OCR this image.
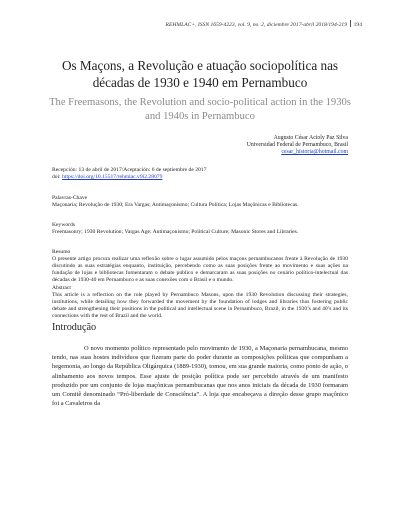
REHMLAC+, ISSN 1659-4223, vol. 9, no. 2, diciembre 2017-abril 2018/194-219 194
Os Maçons, a Revolução e atuação sociopolítica nas décadas de 1930 e 1940 em Pernambuco
The Freemasons, the Revolution and socio-political action in the 1930s and 1940s in Pernambuco
Augusto César Acioly Paz Silva
Universidad Federal de Pernambuco, Brasil
cesar_historia@hotmail.com
Recepción: 13 de abril de 2017/Aceptación: 6 de septiembre de 2017
doi: https://doi.org/10.15517/rehmlac.v9i2.28079
Palavras-Chave
Maçonaria; Revolução de 1930; Era Vargas; Antimaçonismo; Cultura Política; Lojas Maçônicas e Bibliotecas.
Keywords
Freemasonry; 1930 Revolution; Vargas Age; Antimaçonismo; Political Culture; Masonic Stores and Libraries.
Resumo
O presente artigo procura realizar uma reflexão sobre o lugar assumido pelos maçons pernambucanos frente à Revolução de 1930 discutindo as suas estratégias enquanto, instituição, percebendo como as suas posições frente ao movimento e suas ações na fundação de lojas e bibliotecas fomentaram o debate público e demarcaram as suas posições no cenário político-intelectual das décadas de 1930-40 em Pernambuco e as suas conexões com o Brasil e o mundo.
Abstract
This article is a reflection on the role played by Pernambuco Masons, upon the 1930 Revolution discussing their strategies, institutions, while detailing how they forwarded the movement by the foundation of lodges and libraries thus fostering public debate and strengthening their positions in the political and intellectual scene in Pernambuco, Brazil, in the 1930’s and 40’s and its connections with the rest of Brazil and the world.
Introdução
O novo momento político representado pelo movimento de 1930, a Maçonaria pernambucana, mesmo tendo, nas suas hostes indivíduos que fizeram parte do poder durante as composições políticas que compunham a hegemonia, ao longo da República Oligárquica (1889-1930), tomou, em sua grande maioria, como ponto de ação, o alinhamento aos novos tempos. Esse ajuste de posição política pode ser percebido através de um manifesto produzido por um conjunto de lojas maçônicas pernambucanas que nos anos iniciais da década de 1930 formaram um Comitê denominado “Pró-liberdade de Consciência”. A loja que encabeçava a direção desse grupo maçônico foi a Cavaleiros da
